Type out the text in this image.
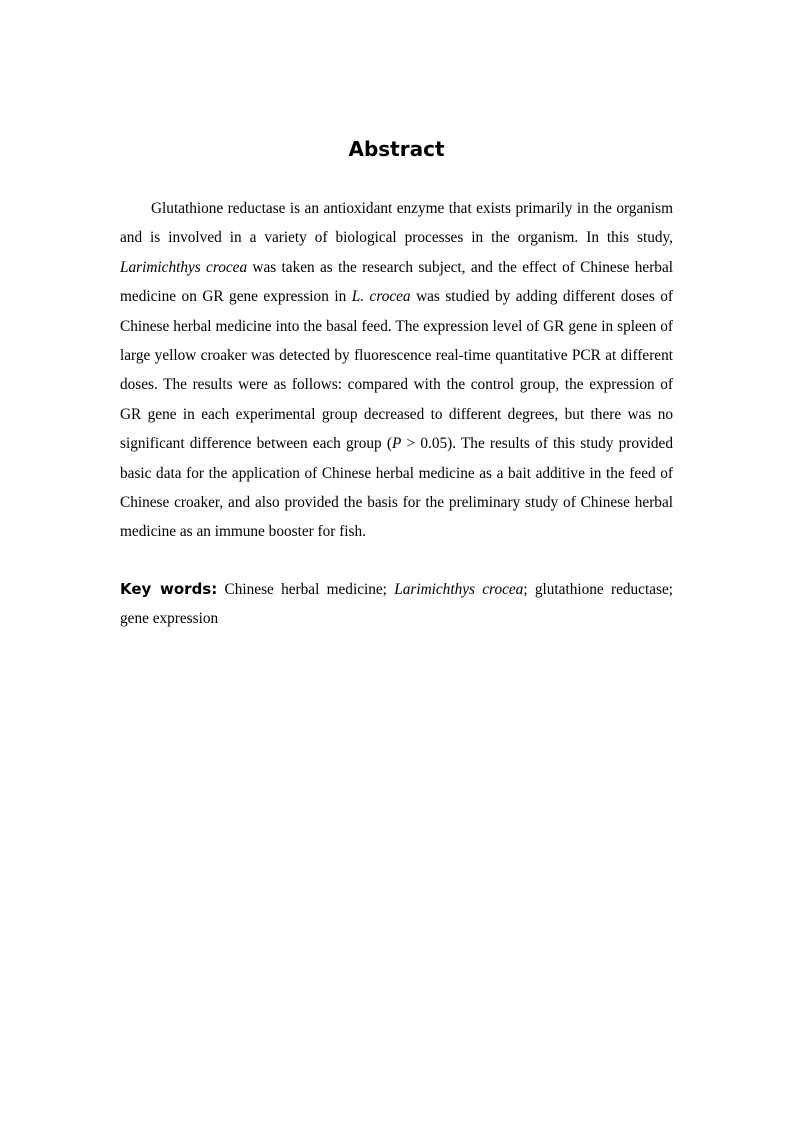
Abstract

Glutathione reductase is an antioxidant enzyme that exists primarily in the organism and is involved in a variety of biological processes in the organism. In this study, Larimichthys crocea was taken as the research subject, and the effect of Chinese herbal medicine on GR gene expression in L. crocea was studied by adding different doses of Chinese herbal medicine into the basal feed. The expression level of GR gene in spleen of large yellow croaker was detected by fluorescence real-time quantitative PCR at different doses. The results were as follows: compared with the control group, the expression of GR gene in each experimental group decreased to different degrees, but there was no significant difference between each group (P > 0.05). The results of this study provided basic data for the application of Chinese herbal medicine as a bait additive in the feed of Chinese croaker, and also provided the basis for the preliminary study of Chinese herbal medicine as an immune booster for fish.

Key words: Chinese herbal medicine; Larimichthys crocea; glutathione reductase; gene expression
